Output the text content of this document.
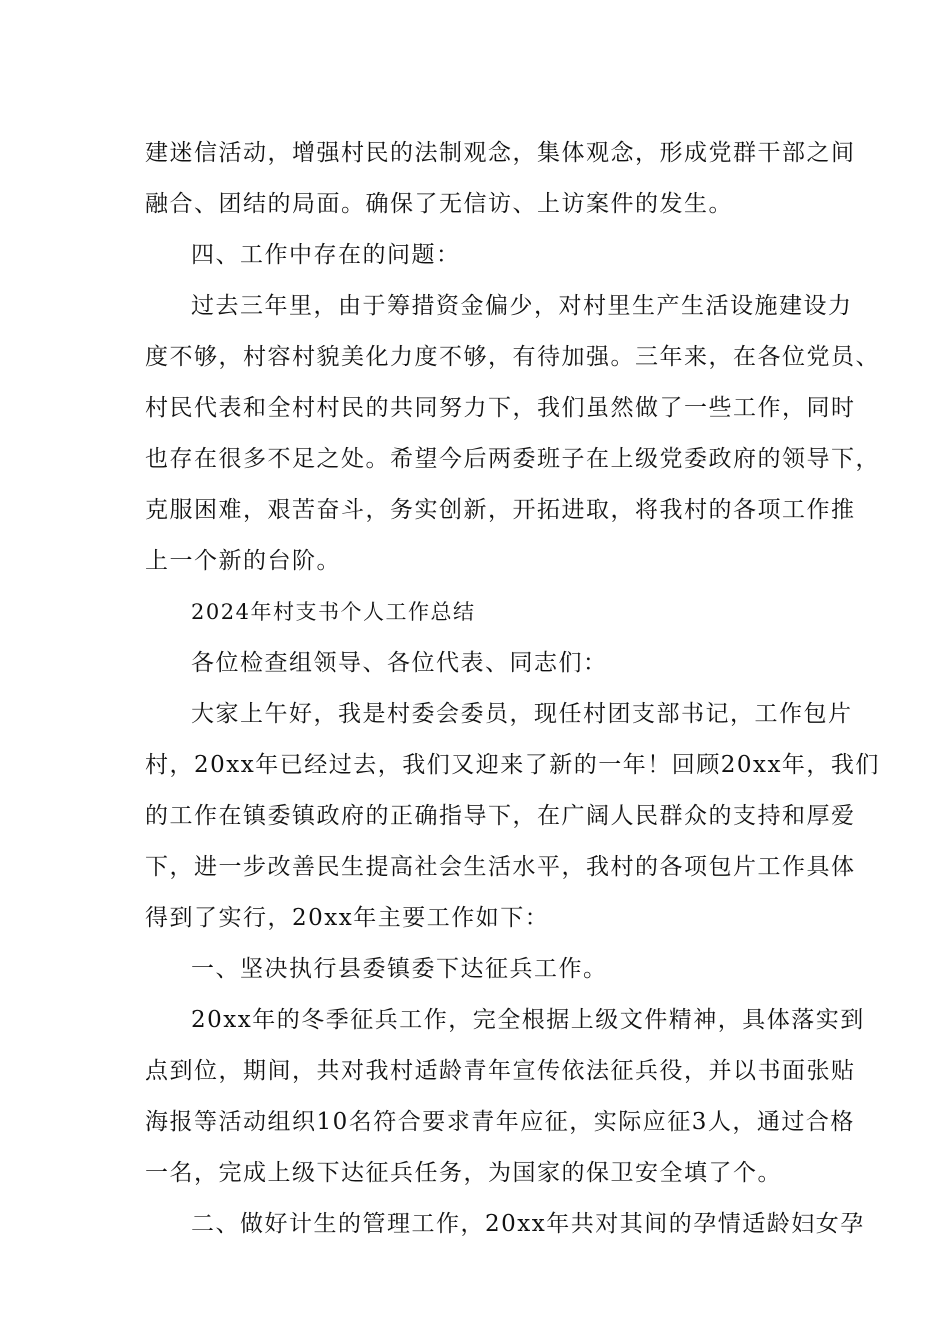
建迷信活动，增强村民的法制观念，集体观念，形成党群干部之间
融合、团结的局面。确保了无信访、上访案件的发生。
四、工作中存在的问题：
过去三年里，由于筹措资金偏少，对村里生产生活设施建设力
度不够，村容村貌美化力度不够，有待加强。三年来，在各位党员、
村民代表和全村村民的共同努力下，我们虽然做了一些工作，同时
也存在很多不足之处。希望今后两委班子在上级党委政府的领导下，
克服困难，艰苦奋斗，务实创新，开拓进取，将我村的各项工作推
上一个新的台阶。
2024年村支书个人工作总结
各位检查组领导、各位代表、同志们：
大家上午好，我是村委会委员，现任村团支部书记，工作包片
村，20xx年已经过去，我们又迎来了新的一年！回顾20xx年，我们
的工作在镇委镇政府的正确指导下，在广阔人民群众的支持和厚爱
下，进一步改善民生提高社会生活水平，我村的各项包片工作具体
得到了实行，20xx年主要工作如下：
一、坚决执行县委镇委下达征兵工作。
20xx年的冬季征兵工作，完全根据上级文件精神，具体落实到
点到位，期间，共对我村适龄青年宣传依法征兵役，并以书面张贴
海报等活动组织10名符合要求青年应征，实际应征3人，通过合格
一名，完成上级下达征兵任务，为国家的保卫安全填了个。
二、做好计生的管理工作，20xx年共对其间的孕情适龄妇女孕
